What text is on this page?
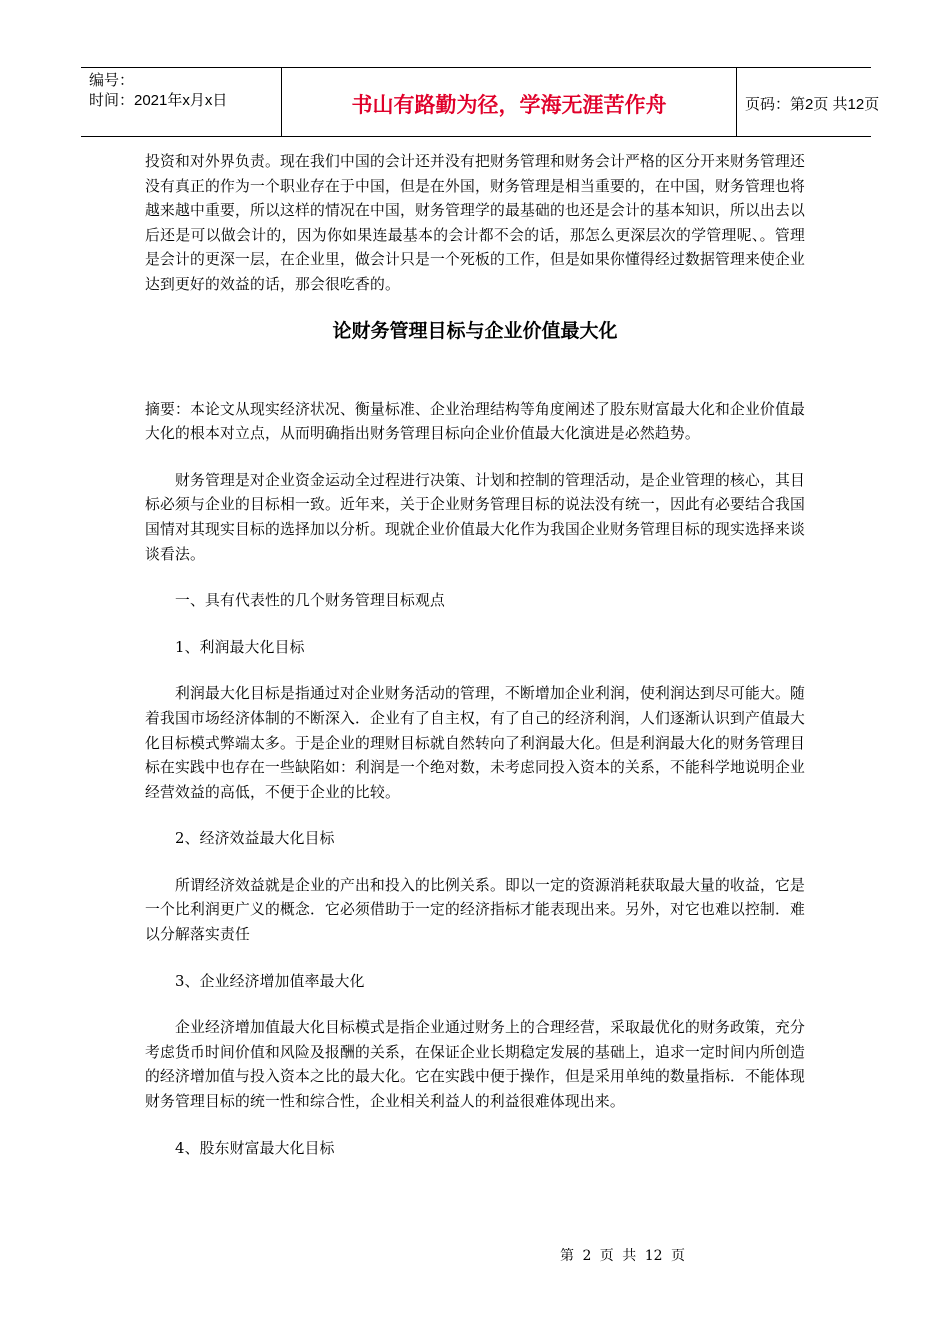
编号：
时间：2021年x月x日	书山有路勤为径，学海无涯苦作舟	页码：第2页 共12页

投资和对外界负责。现在我们中国的会计还并没有把财务管理和财务会计严格的区分开来财务管理还没有真正的作为一个职业存在于中国，但是在外国，财务管理是相当重要的，在中国，财务管理也将越来越中重要，所以这样的情况在中国，财务管理学的最基础的也还是会计的基本知识，所以出去以后还是可以做会计的，因为你如果连最基本的会计都不会的话，那怎么更深层次的学管理呢、。管理是会计的更深一层，在企业里，做会计只是一个死板的工作，但是如果你懂得经过数据管理来使企业达到更好的效益的话，那会很吃香的。

论财务管理目标与企业价值最大化

摘要：本论文从现实经济状况、衡量标准、企业治理结构等角度阐述了股东财富最大化和企业价值最大化的根本对立点，从而明确指出财务管理目标向企业价值最大化演进是必然趋势。

财务管理是对企业资金运动全过程进行决策、计划和控制的管理活动，是企业管理的核心，其目标必须与企业的目标相一致。近年来，关于企业财务管理目标的说法没有统一，因此有必要结合我国国情对其现实目标的选择加以分析。现就企业价值最大化作为我国企业财务管理目标的现实选择来谈谈看法。

一、具有代表性的几个财务管理目标观点

1、利润最大化目标

利润最大化目标是指通过对企业财务活动的管理，不断增加企业利润，使利润达到尽可能大。随着我国市场经济体制的不断深入．企业有了自主权，有了自己的经济利润，人们逐渐认识到产值最大化目标模式弊端太多。于是企业的理财目标就自然转向了利润最大化。但是利润最大化的财务管理目标在实践中也存在一些缺陷如：利润是一个绝对数，未考虑同投入资本的关系，不能科学地说明企业经营效益的高低，不便于企业的比较。

2、经济效益最大化目标

所谓经济效益就是企业的产出和投入的比例关系。即以一定的资源消耗获取最大量的收益，它是一个比利润更广义的概念．它必须借助于一定的经济指标才能表现出来。另外，对它也难以控制．难以分解落实责任

3、企业经济增加值率最大化

企业经济增加值最大化目标模式是指企业通过财务上的合理经营，采取最优化的财务政策，充分考虑货币时间价值和风险及报酬的关系，在保证企业长期稳定发展的基础上，追求一定时间内所创造的经济增加值与投入资本之比的最大化。它在实践中便于操作，但是采用单纯的数量指标．不能体现财务管理目标的统一性和综合性，企业相关利益人的利益很难体现出来。

4、股东财富最大化目标

第 2 页 共 12 页
